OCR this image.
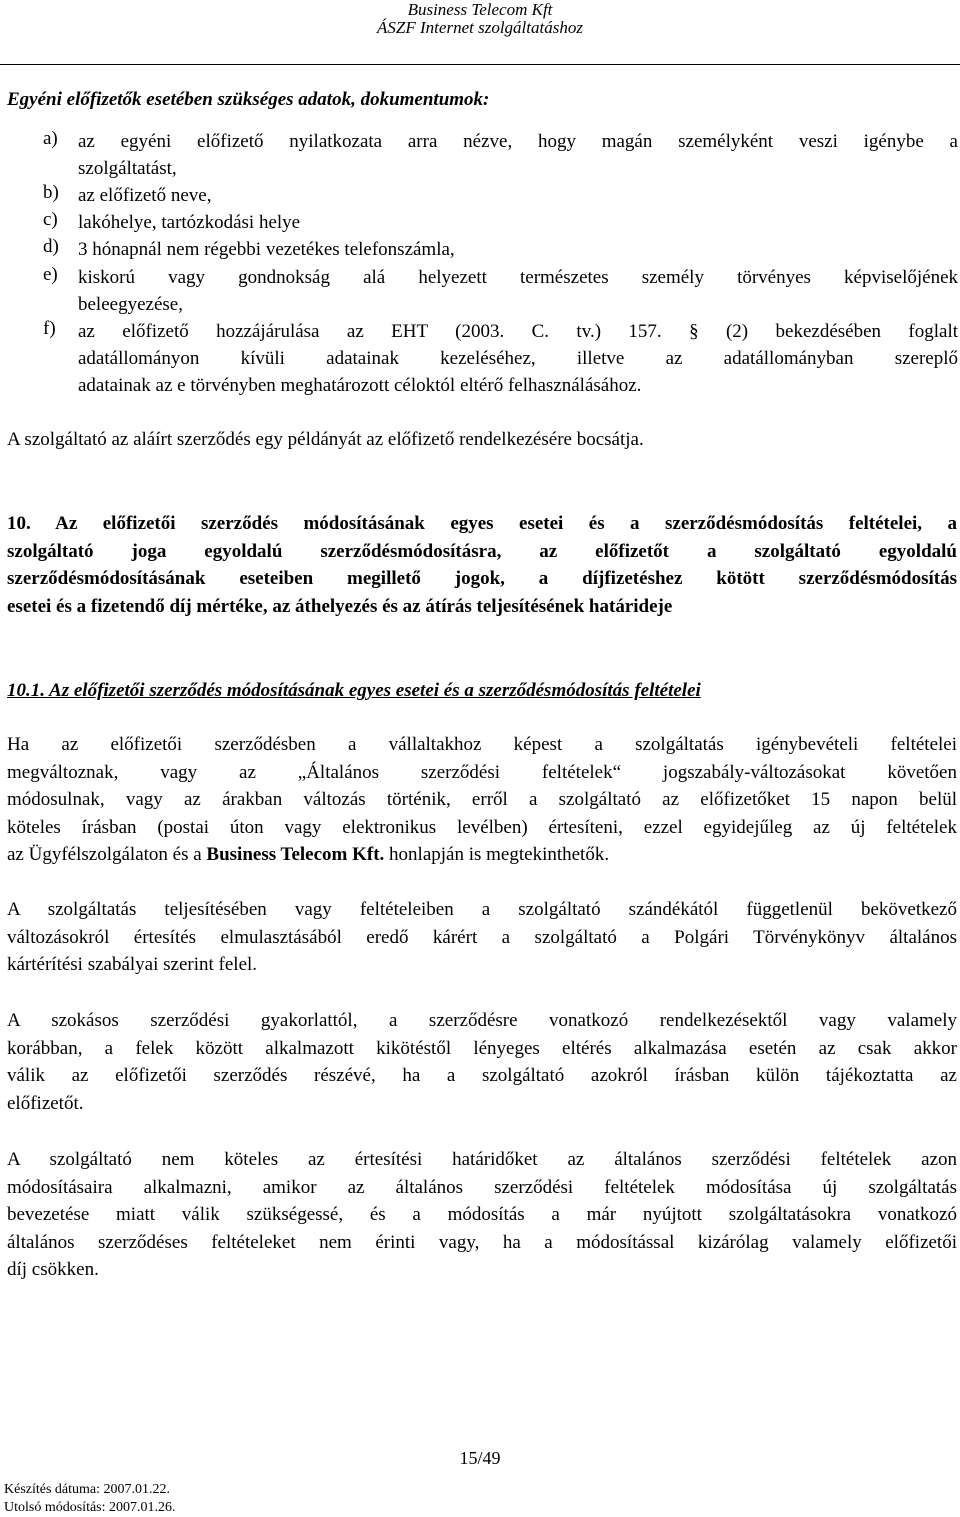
Business Telecom Kft
ÁSZF Internet szolgáltatáshoz
Egyéni előfizetők esetében szükséges adatok, dokumentumok:
a) az egyéni előfizető nyilatkozata arra nézve, hogy magán személyként veszi igénybe a
szolgáltatást,
b) az előfizető neve,
c) lakóhelye, tartózkodási helye
d) 3 hónapnál nem régebbi vezetékes telefonszámla,
e) kiskorú vagy gondnokság alá helyezett természetes személy törvényes képviselőjének
beleegyezése,
f) az előfizető hozzájárulása az EHT (2003. C. tv.) 157. § (2) bekezdésében foglalt
adatállományon kívüli adatainak kezeléséhez, illetve az adatállományban szereplő
adatainak az e törvényben meghatározott céloktól eltérő felhasználásához.
A szolgáltató az aláírt szerződés egy példányát az előfizető rendelkezésére bocsátja.
10. Az előfizetői szerződés módosításának egyes esetei és a szerződésmódosítás feltételei, a
szolgáltató joga egyoldalú szerződésmódosításra, az előfizetőt a szolgáltató egyoldalú
szerződésmódosításának eseteiben megillető jogok, a díjfizetéshez kötött szerződésmódosítás
esetei és a fizetendő díj mértéke, az áthelyezés és az átírás teljesítésének határideje
10.1. Az előfizetői szerződés módosításának egyes esetei és a szerződésmódosítás feltételei
Ha az előfizetői szerződésben a vállaltakhoz képest a szolgáltatás igénybevételi feltételei
megváltoznak, vagy az „Általános szerződési feltételek“ jogszabály-változásokat követően
módosulnak, vagy az árakban változás történik, erről a szolgáltató az előfizetőket 15 napon belül
köteles írásban (postai úton vagy elektronikus levélben) értesíteni, ezzel egyidejűleg az új feltételek
az Ügyfélszolgálaton és a Business Telecom Kft. honlapján is megtekinthetők.
A szolgáltatás teljesítésében vagy feltételeiben a szolgáltató szándékától függetlenül bekövetkező
változásokról értesítés elmulasztásából eredő kárért a szolgáltató a Polgári Törvénykönyv általános
kártérítési szabályai szerint felel.
A szokásos szerződési gyakorlattól, a szerződésre vonatkozó rendelkezésektől vagy valamely
korábban, a felek között alkalmazott kikötéstől lényeges eltérés alkalmazása esetén az csak akkor
válik az előfizetői szerződés részévé, ha a szolgáltató azokról írásban külön tájékoztatta az
előfizetőt.
A szolgáltató nem köteles az értesítési határidőket az általános szerződési feltételek azon
módosításaira alkalmazni, amikor az általános szerződési feltételek módosítása új szolgáltatás
bevezetése miatt válik szükségessé, és a módosítás a már nyújtott szolgáltatásokra vonatkozó
általános szerződéses feltételeket nem érinti vagy, ha a módosítással kizárólag valamely előfizetői
díj csökken.
15/49
Készítés dátuma: 2007.01.22.
Utolsó módosítás: 2007.01.26.
